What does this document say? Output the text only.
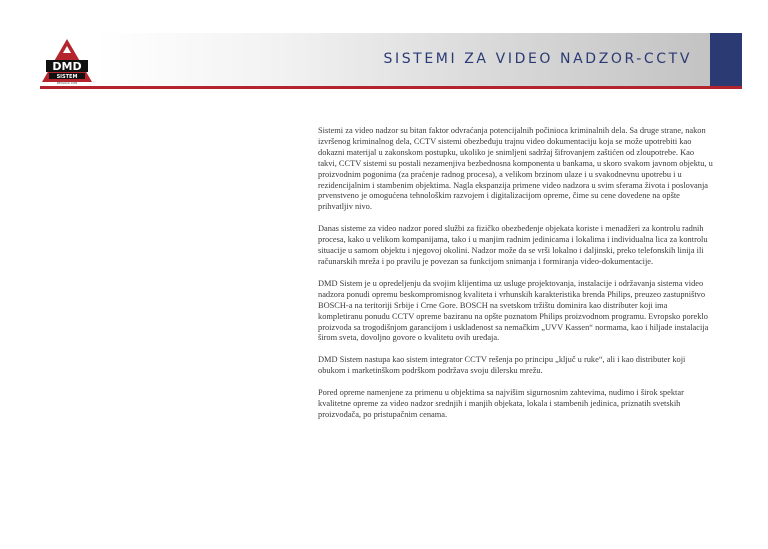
SISTEMI ZA VIDEO NADZOR-CCTV
DMD
SISTEM
BEOGRAD 1998

Sistemi za video nadzor su bitan faktor odvraćanja potencijalnih počinioca kriminalnih dela. Sa druge strane, nakon izvršenog kriminalnog dela, CCTV sistemi obezbeđuju trajnu video dokumentaciju koja se može upotrebiti kao dokazni materijal u zakonskom postupku, ukoliko je snimljeni sadržaj šifrovanjem zaštićen od zloupotrebe. Kao takvi, CCTV sistemi su postali nezamenjiva bezbednosna komponenta u bankama, u skoro svakom javnom objektu, u proizvodnim pogonima (za praćenje radnog procesa), a velikom brzinom ulaze i u svakodnevnu upotrebu i u rezidencijalnim i stambenim objektima. Nagla ekspanzija primene video nadzora u svim sferama života i poslovanja prvenstveno je omogućena tehnološkim razvojem i digitalizacijom opreme, čime su cene dovedene na opšte prihvatljiv nivo.

Danas sisteme za video nadzor pored službi za fizičko obezbeđenje objekata koriste i menadžeri za kontrolu radnih procesa, kako u velikom kompanijama, tako i u manjim radnim jedinicama i lokalima i individualna lica za kontrolu situacije u samom objektu i njegovoj okolini. Nadzor može da se vrši lokalno i daljinski, preko telefonskih linija ili računarskih mreža i po pravilu je povezan sa funkcijom snimanja i formiranja video-dokumentacije.

DMD Sistem je u opredeljenju da svojim klijentima uz usluge projektovanja, instalacije i održavanja sistema video nadzora ponudi opremu beskompromisnog kvaliteta i vrhunskih karakteristika brenda Philips, preuzeo zastupništvo BOSCH-a na teritoriji Srbije i Crne Gore. BOSCH na svetskom tržištu dominira kao distributer koji ima kompletiranu ponudu CCTV opreme baziranu na opšte poznatom Philips proizvodnom programu. Evropsko poreklo proizvoda sa trogodišnjom garancijom i usklađenost sa nemačkim „UVV Kassen“ normama, kao i hiljade instalacija širom sveta, dovoljno govore o kvalitetu ovih uređaja.

DMD Sistem nastupa kao sistem integrator CCTV rešenja po principu „ključ u ruke“, ali i kao distributer koji obukom i marketinškom podrškom podržava svoju dilersku mrežu.

Pored opreme namenjene za primenu u objektima sa najvišim sigurnosnim zahtevima, nudimo i širok spektar kvalitetne opreme za video nadzor srednjih i manjih objekata, lokala i stambenih jedinica, priznatih svetskih proizvođača, po pristupačnim cenama.
